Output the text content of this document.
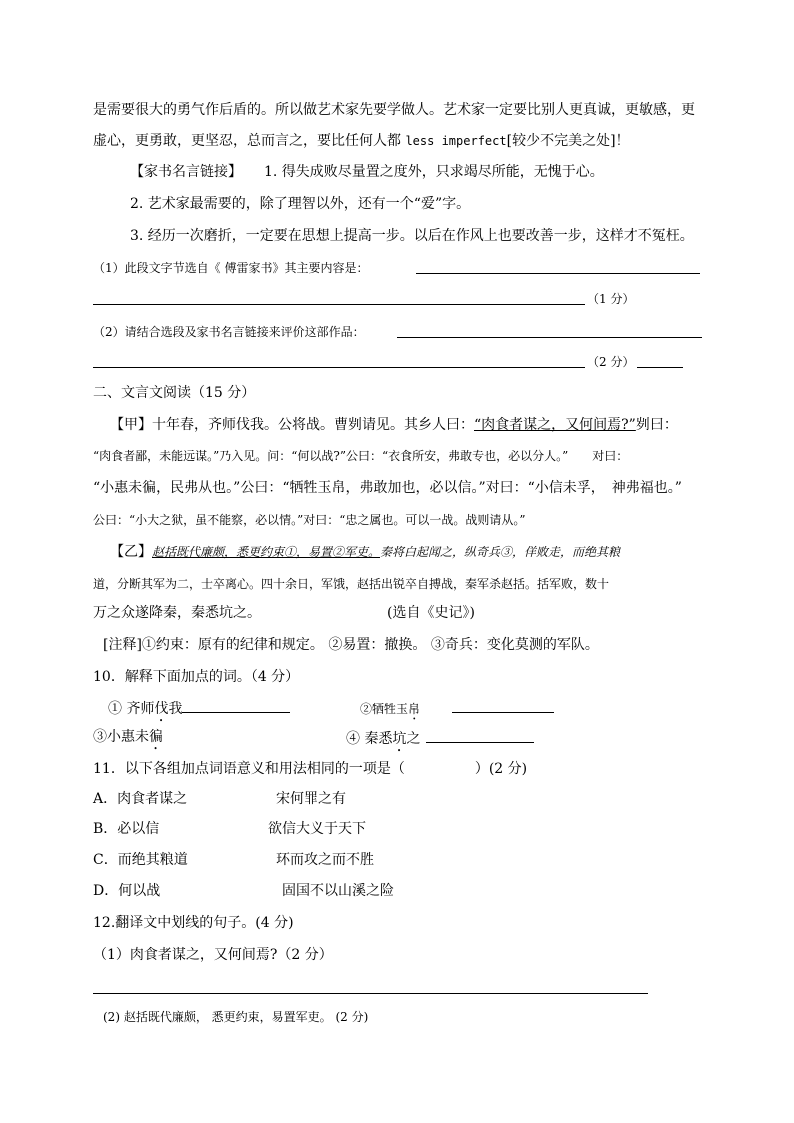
是需要很大的勇气作后盾的。所以做艺术家先要学做人。艺术家一定要比别人更真诚，更敏感，更
虚心，更勇敢，更坚忍，总而言之，要比任何人都 less imperfect[较少不完美之处]！
【家书名言链接】 1. 得失成败尽量置之度外，只求竭尽所能，无愧于心。
2. 艺术家最需要的，除了理智以外，还有一个“爱”字。
3. 经历一次磨折，一定要在思想上提高一步。以后在作风上也要改善一步，这样才不冤枉。
（1）此段文字节选自《 傅雷家书》其主要内容是：
（1 分）
（2）请结合选段及家书名言链接来评价这部作品：
（2 分）
二、文言文阅读（15 分）
【甲】十年春，齐师伐我。公将战。曹刿请见。其乡人曰：“肉食者谋之，又何间焉?”刿曰：
“肉食者鄙，未能远谋。”乃入见。问：“何以战?”公曰：“衣食所安，弗敢专也，必以分人。”　　对曰：
“小惠未徧，民弗从也。”公曰：“牺牲玉帛，弗敢加也，必以信。”对曰：“小信未孚，　神弗福也。”
公曰：“小大之狱，虽不能察，必以情。”对曰：“忠之属也。可以一战。战则请从。”
【乙】赵括既代廉颇，悉更约束①，易置②军吏。秦将白起闻之，纵奇兵③，佯败走，而绝其粮
道，分断其军为二，士卒离心。四十余日，军饿，赵括出锐卒自搏战，秦军杀赵括。括军败，数十
万之众遂降秦，秦悉坑之。	(选自《史记》)
[注释]①约束：原有的纪律和规定。 ②易置：撤换。 ③奇兵：变化莫测的军队。
10．解释下面加点的词。（4 分）
① 齐师伐我	②牺牲玉帛
③小惠未徧	④ 秦悉坑之
11．以下各组加点词语意义和用法相同的一项是（　　　　　）(2 分)
A．肉食者谋之	宋何罪之有
B．必以信	欲信大义于天下
C．而绝其粮道	环而攻之而不胜
D．何以战	固国不以山溪之险
12.翻译文中划线的句子。(4 分)
（1）肉食者谋之，又何间焉?（2 分）
(2) 赵括既代廉颇， 悉更约束，易置军吏。 (2 分)
